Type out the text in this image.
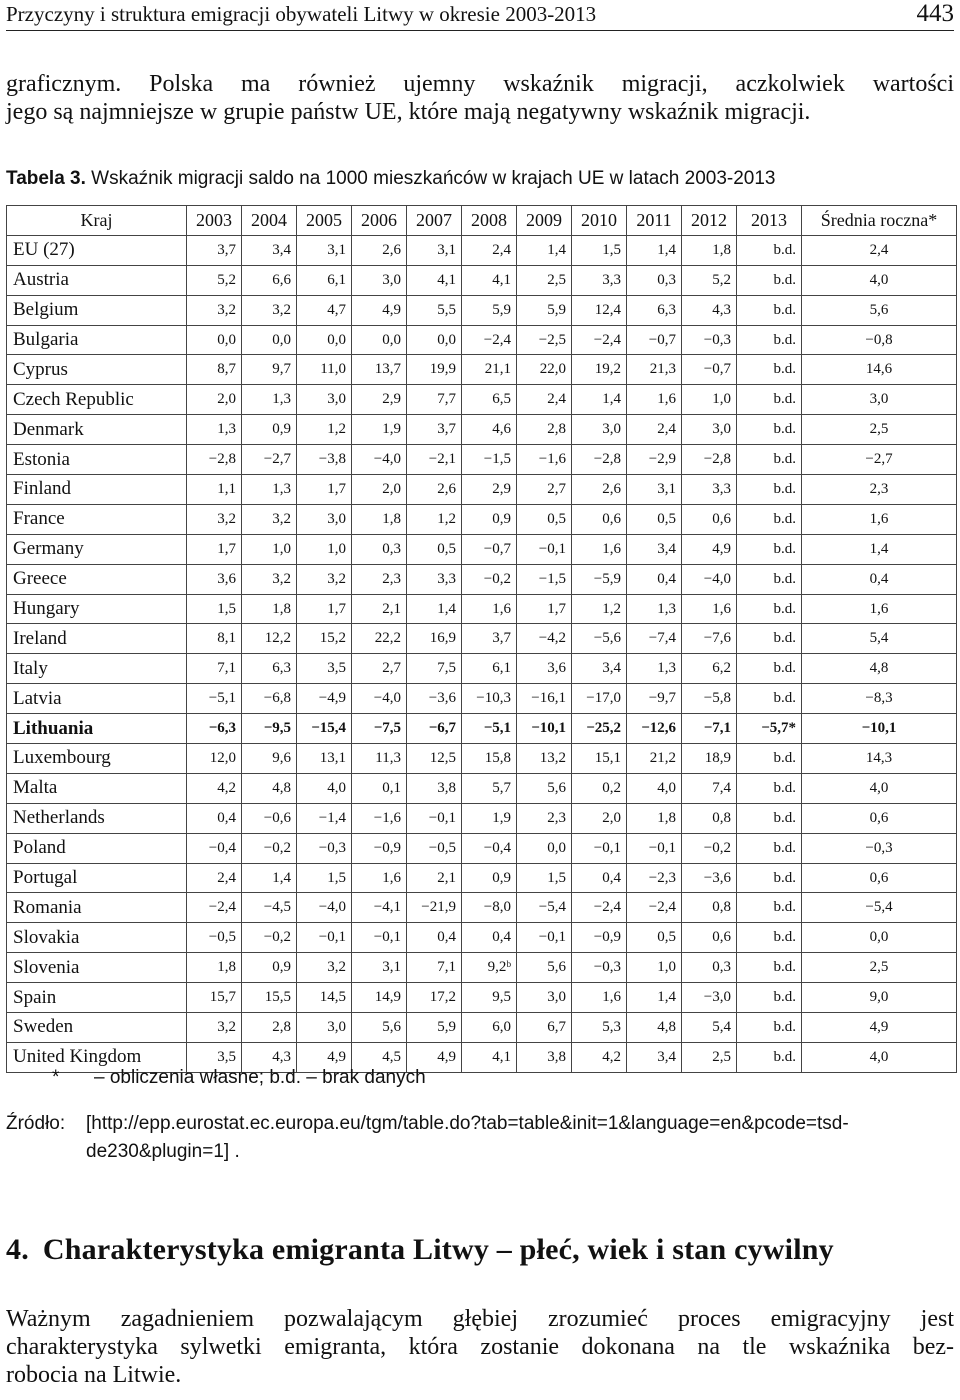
Przyczyny i struktura emigracji obywateli Litwy w okresie 2003-2013	443
graficznym. Polska ma również ujemny wskaźnik migracji, aczkolwiek wartości
jego są najmniejsze w grupie państw UE, które mają negatywny wskaźnik migracji.
Tabela 3. Wskaźnik migracji saldo na 1000 mieszkańców w krajach UE w latach 2003-2013
Kraj	2003	2004	2005	2006	2007	2008	2009	2010	2011	2012	2013	Średnia roczna*
EU (27)	3,7	3,4	3,1	2,6	3,1	2,4	1,4	1,5	1,4	1,8	b.d.	2,4
Austria	5,2	6,6	6,1	3,0	4,1	4,1	2,5	3,3	0,3	5,2	b.d.	4,0
Belgium	3,2	3,2	4,7	4,9	5,5	5,9	5,9	12,4	6,3	4,3	b.d.	5,6
Bulgaria	0,0	0,0	0,0	0,0	0,0	−2,4	−2,5	−2,4	−0,7	−0,3	b.d.	−0,8
Cyprus	8,7	9,7	11,0	13,7	19,9	21,1	22,0	19,2	21,3	−0,7	b.d.	14,6
Czech Republic	2,0	1,3	3,0	2,9	7,7	6,5	2,4	1,4	1,6	1,0	b.d.	3,0
Denmark	1,3	0,9	1,2	1,9	3,7	4,6	2,8	3,0	2,4	3,0	b.d.	2,5
Estonia	−2,8	−2,7	−3,8	−4,0	−2,1	−1,5	−1,6	−2,8	−2,9	−2,8	b.d.	−2,7
Finland	1,1	1,3	1,7	2,0	2,6	2,9	2,7	2,6	3,1	3,3	b.d.	2,3
France	3,2	3,2	3,0	1,8	1,2	0,9	0,5	0,6	0,5	0,6	b.d.	1,6
Germany	1,7	1,0	1,0	0,3	0,5	−0,7	−0,1	1,6	3,4	4,9	b.d.	1,4
Greece	3,6	3,2	3,2	2,3	3,3	−0,2	−1,5	−5,9	0,4	−4,0	b.d.	0,4
Hungary	1,5	1,8	1,7	2,1	1,4	1,6	1,7	1,2	1,3	1,6	b.d.	1,6
Ireland	8,1	12,2	15,2	22,2	16,9	3,7	−4,2	−5,6	−7,4	−7,6	b.d.	5,4
Italy	7,1	6,3	3,5	2,7	7,5	6,1	3,6	3,4	1,3	6,2	b.d.	4,8
Latvia	−5,1	−6,8	−4,9	−4,0	−3,6	−10,3	−16,1	−17,0	−9,7	−5,8	b.d.	−8,3
Lithuania	−6,3	−9,5	−15,4	−7,5	−6,7	−5,1	−10,1	−25,2	−12,6	−7,1	−5,7*	−10,1
Luxembourg	12,0	9,6	13,1	11,3	12,5	15,8	13,2	15,1	21,2	18,9	b.d.	14,3
Malta	4,2	4,8	4,0	0,1	3,8	5,7	5,6	0,2	4,0	7,4	b.d.	4,0
Netherlands	0,4	−0,6	−1,4	−1,6	−0,1	1,9	2,3	2,0	1,8	0,8	b.d.	0,6
Poland	−0,4	−0,2	−0,3	−0,9	−0,5	−0,4	0,0	−0,1	−0,1	−0,2	b.d.	−0,3
Portugal	2,4	1,4	1,5	1,6	2,1	0,9	1,5	0,4	−2,3	−3,6	b.d.	0,6
Romania	−2,4	−4,5	−4,0	−4,1	−21,9	−8,0	−5,4	−2,4	−2,4	0,8	b.d.	−5,4
Slovakia	−0,5	−0,2	−0,1	−0,1	0,4	0,4	−0,1	−0,9	0,5	0,6	b.d.	0,0
Slovenia	1,8	0,9	3,2	3,1	7,1	9,2ᵇ	5,6	−0,3	1,0	0,3	b.d.	2,5
Spain	15,7	15,5	14,5	14,9	17,2	9,5	3,0	1,6	1,4	−3,0	b.d.	9,0
Sweden	3,2	2,8	3,0	5,6	5,9	6,0	6,7	5,3	4,8	5,4	b.d.	4,9
United Kingdom	3,5	4,3	4,9	4,5	4,9	4,1	3,8	4,2	3,4	2,5	b.d.	4,0
* – obliczenia własne; b.d. – brak danych
Źródło: [http://epp.eurostat.ec.europa.eu/tgm/table.do?tab=table&init=1&language=en&pcode=tsd-de230&plugin=1] .
4. Charakterystyka emigranta Litwy – płeć, wiek i stan cywilny
Ważnym zagadnieniem pozwalającym głębiej zrozumieć proces emigracyjny jest
charakterystyka sylwetki emigranta, która zostanie dokonana na tle wskaźnika bez-
robocia na Litwie.
